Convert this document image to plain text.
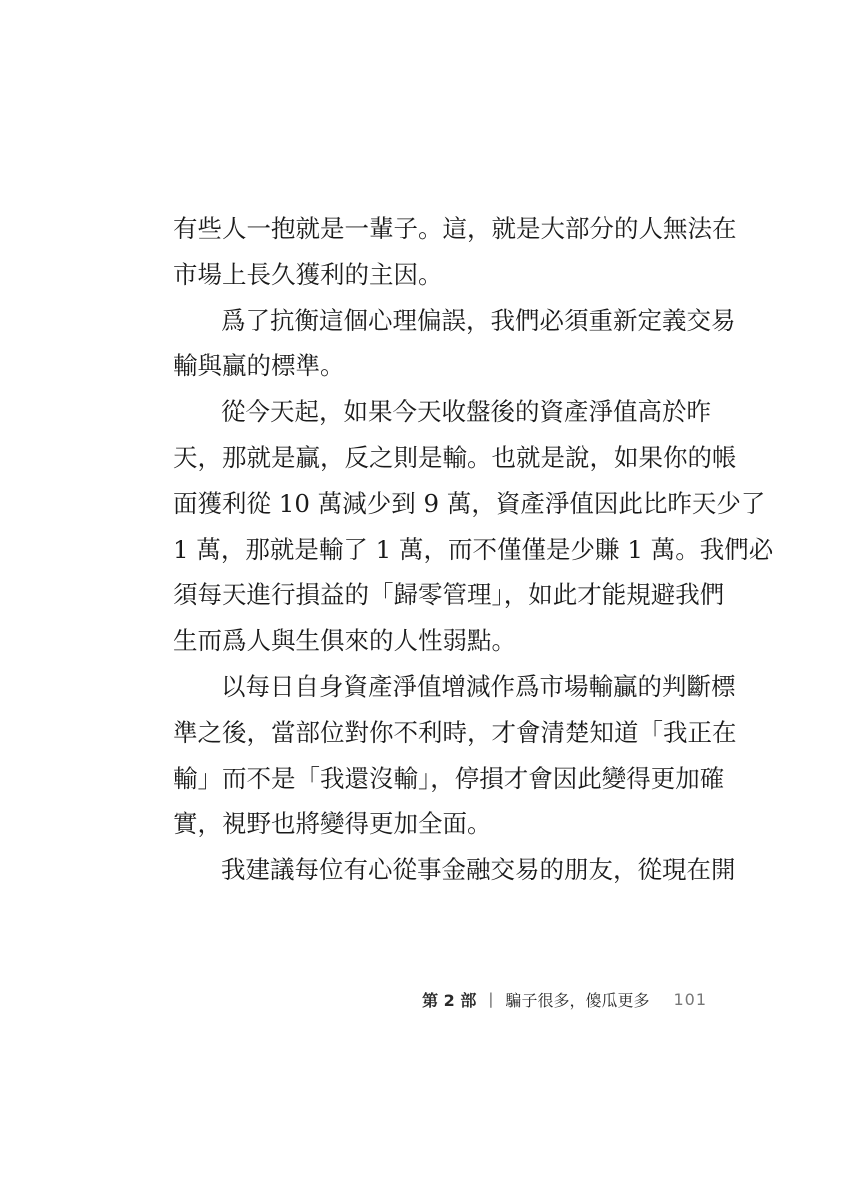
有些人一抱就是一輩子。這，就是大部分的人無法在
市場上長久獲利的主因。
爲了抗衡這個心理偏誤，我們必須重新定義交易
輸與贏的標準。
從今天起，如果今天收盤後的資產淨值高於昨
天，那就是贏，反之則是輸。也就是說，如果你的帳
面獲利從 10 萬減少到 9 萬，資產淨值因此比昨天少了
1 萬，那就是輸了 1 萬，而不僅僅是少賺 1 萬。我們必
須每天進行損益的「歸零管理」，如此才能規避我們
生而爲人與生俱來的人性弱點。
以每日自身資產淨值增減作爲市場輸贏的判斷標
準之後，當部位對你不利時，才會清楚知道「我正在
輸」而不是「我還沒輸」，停損才會因此變得更加確
實，視野也將變得更加全面。
我建議每位有心從事金融交易的朋友，從現在開
第 2 部 | 騙子很多，傻瓜更多 101
